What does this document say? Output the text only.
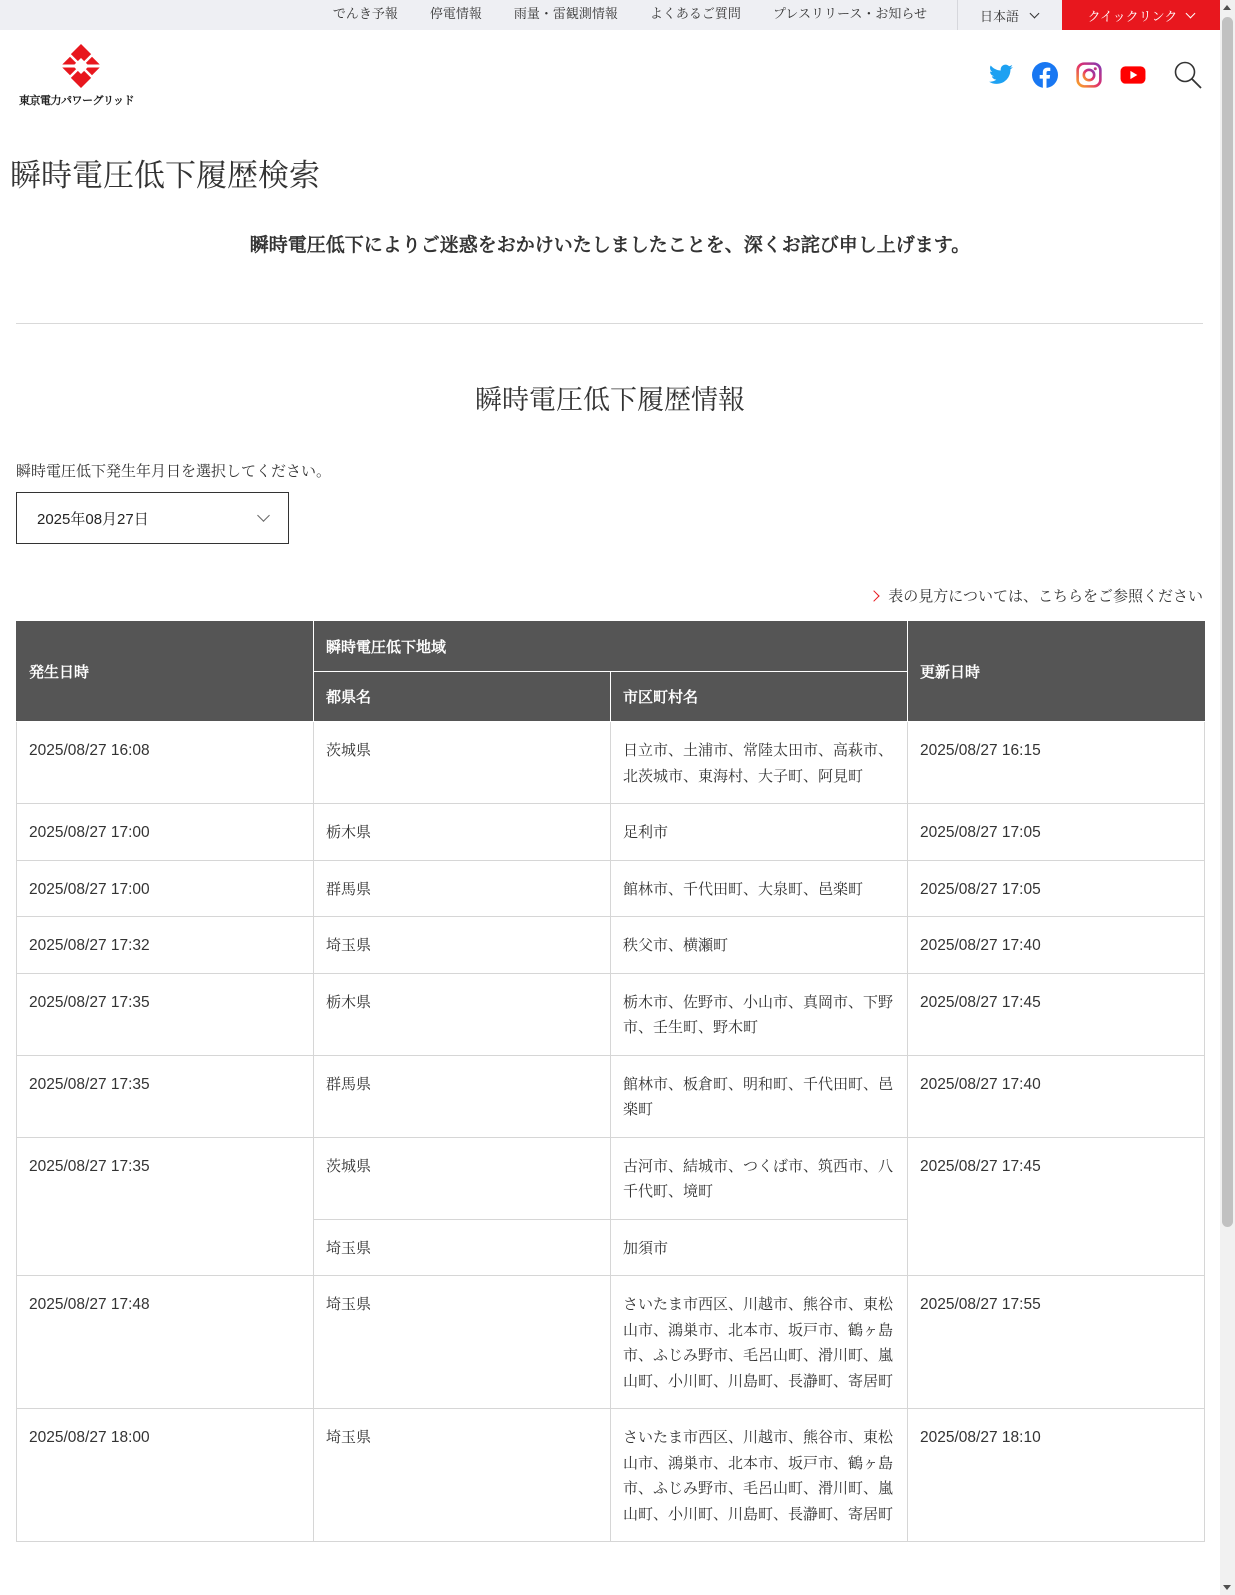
でんき予報	停電情報	雨量・雷観測情報	よくあるご質問	プレスリリース・お知らせ	日本語	クイックリンク
東京電力パワーグリッド
瞬時電圧低下履歴検索

瞬時電圧低下によりご迷惑をおかけいたしましたことを、深くお詫び申し上げます。

瞬時電圧低下履歴情報

瞬時電圧低下発生年月日を選択してください。

2025年08月27日
表の見方については、こちらをご参照ください
発生日時	瞬時電圧低下地域		更新日時
	都県名	市区町村名	
2025/08/27 16:08	茨城県	日立市、土浦市、常陸太田市、高萩市、北茨城市、東海村、大子町、阿見町	2025/08/27 16:15
2025/08/27 17:00	栃木県	足利市	2025/08/27 17:05
2025/08/27 17:00	群馬県	館林市、千代田町、大泉町、邑楽町	2025/08/27 17:05
2025/08/27 17:32	埼玉県	秩父市、横瀬町	2025/08/27 17:40
2025/08/27 17:35	栃木県	栃木市、佐野市、小山市、真岡市、下野市、壬生町、野木町	2025/08/27 17:45
2025/08/27 17:35	群馬県	館林市、板倉町、明和町、千代田町、邑楽町	2025/08/27 17:40
2025/08/27 17:35	茨城県	古河市、結城市、つくば市、筑西市、八千代町、境町	2025/08/27 17:45
	埼玉県	加須市	
2025/08/27 17:48	埼玉県	さいたま市西区、川越市、熊谷市、東松山市、鴻巣市、北本市、坂戸市、鶴ヶ島市、ふじみ野市、毛呂山町、滑川町、嵐山町、小川町、川島町、長瀞町、寄居町	2025/08/27 17:55
2025/08/27 18:00	埼玉県	さいたま市西区、川越市、熊谷市、東松山市、鴻巣市、北本市、坂戸市、鶴ヶ島市、ふじみ野市、毛呂山町、滑川町、嵐山町、小川町、川島町、長瀞町、寄居町	2025/08/27 18:10
